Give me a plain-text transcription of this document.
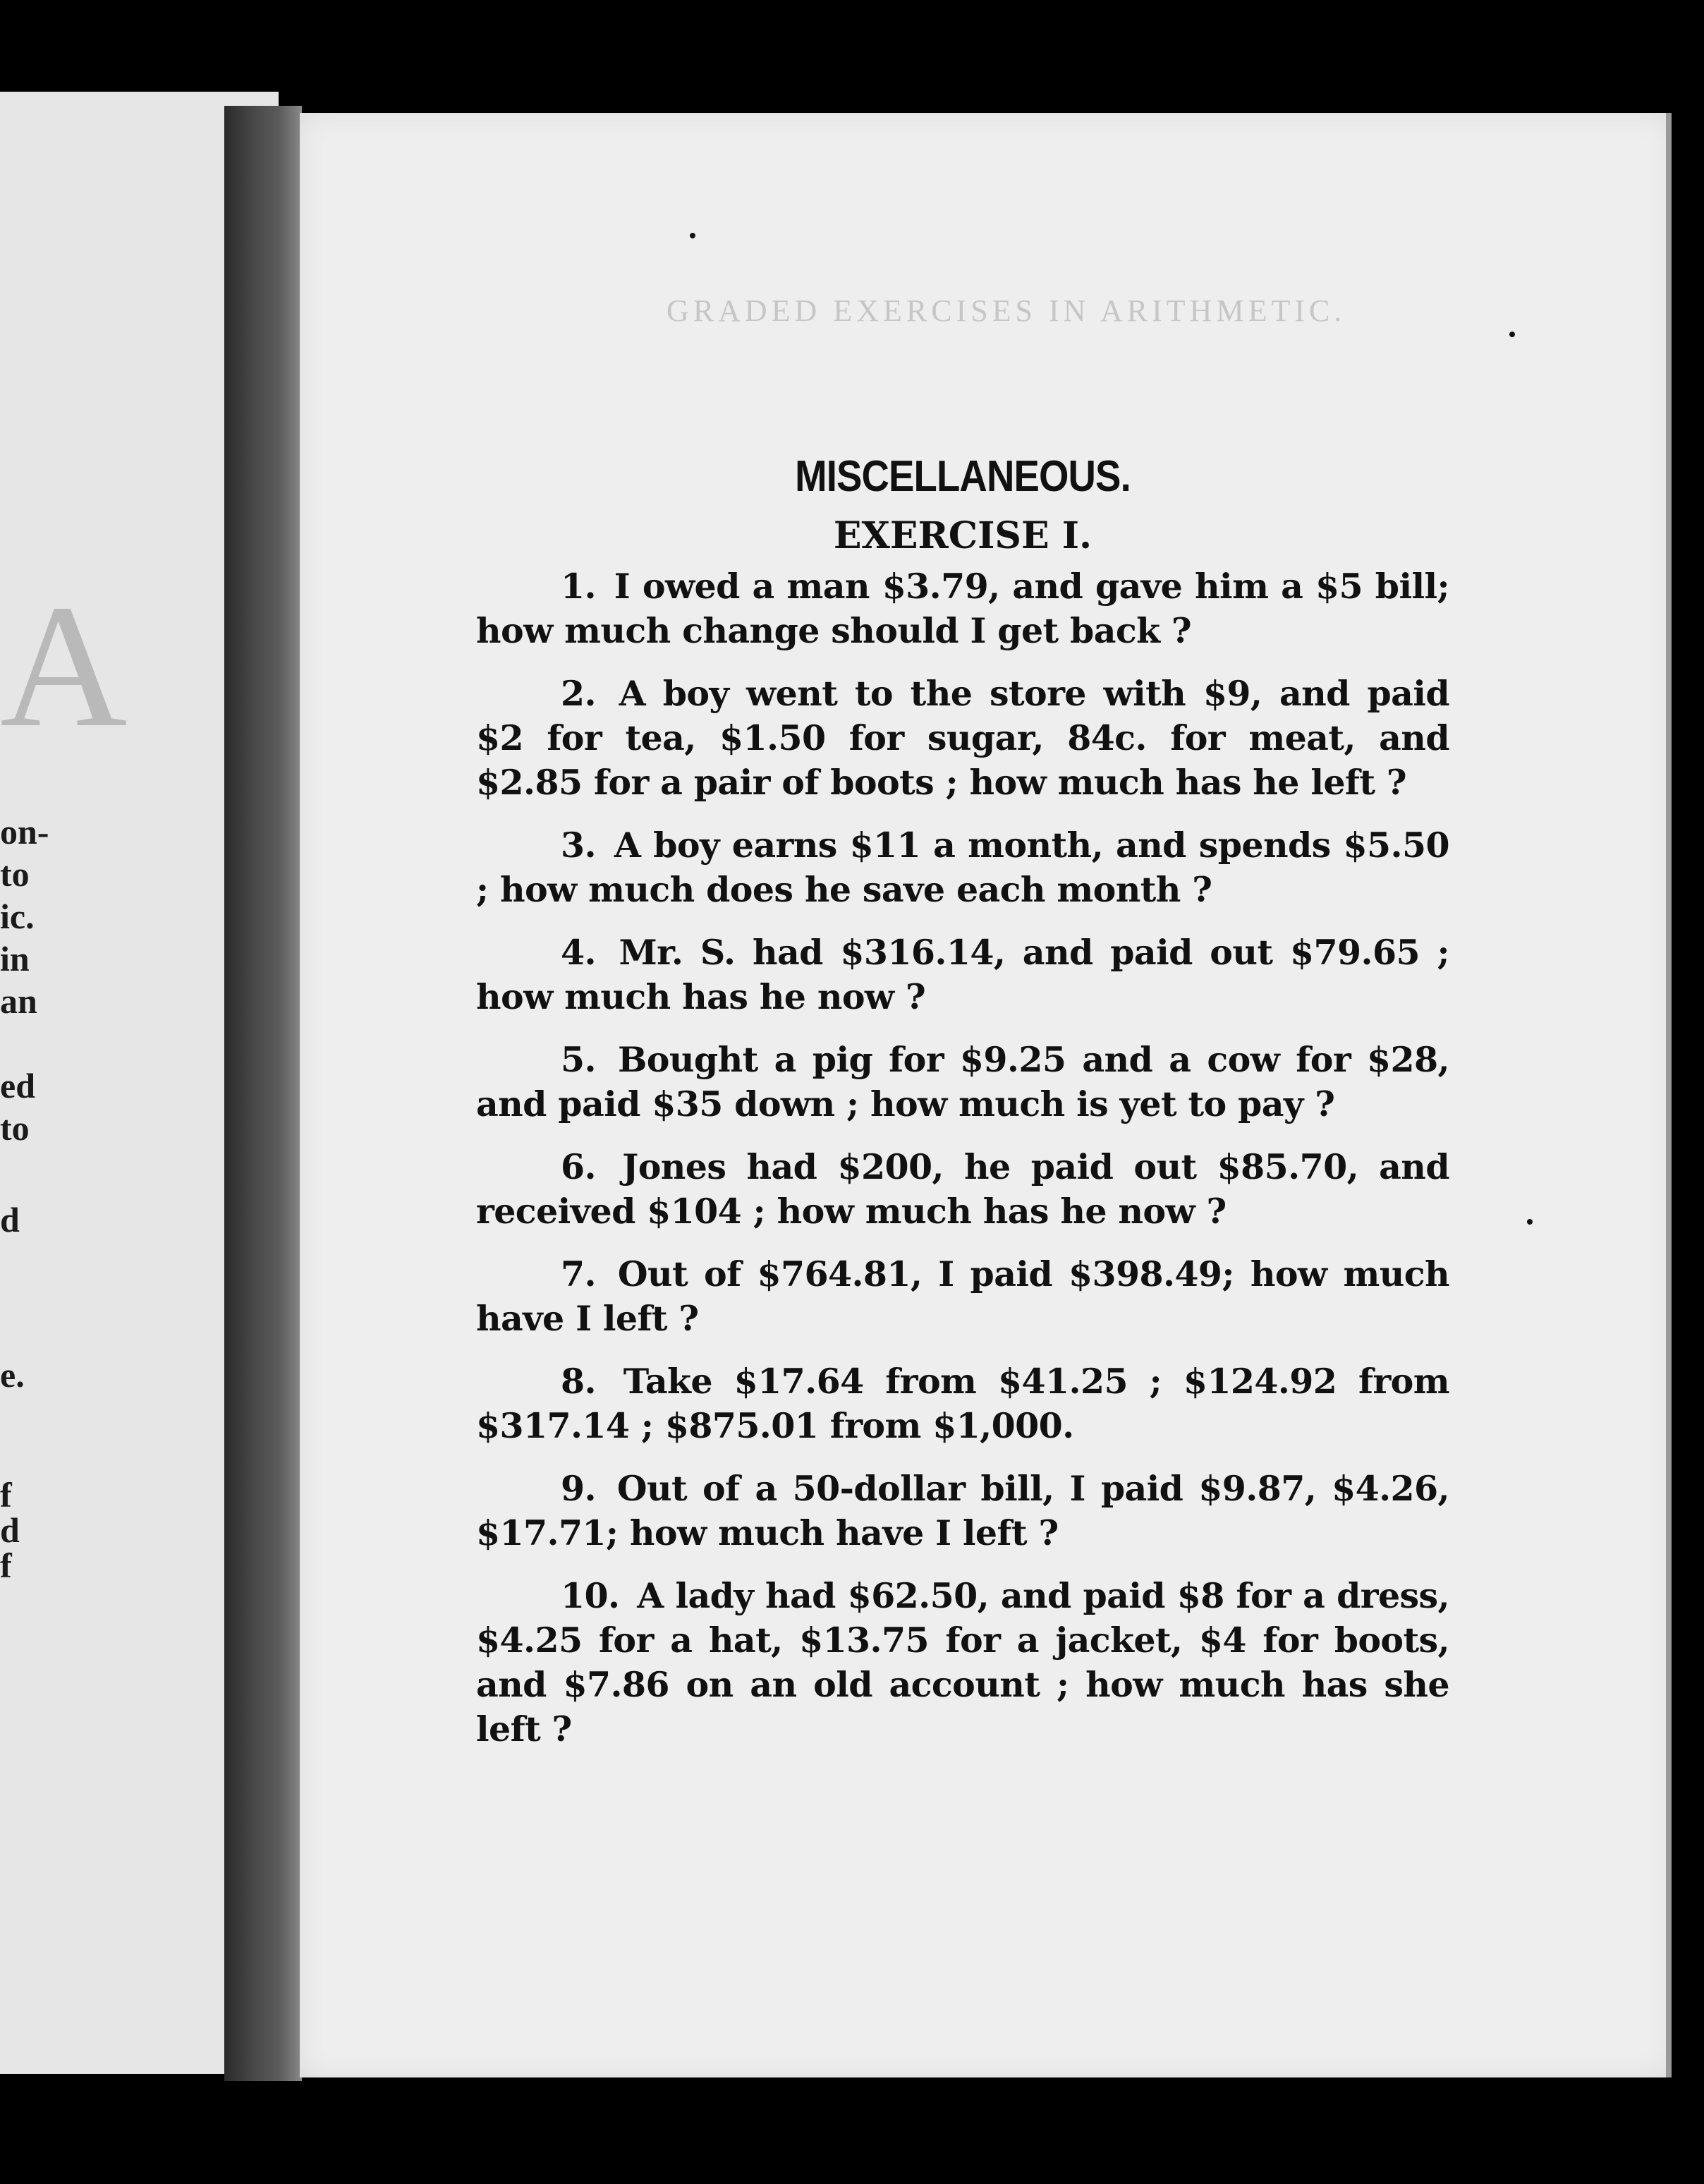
A
on-
to
ic.
in
an
ed
to
d
e.
f
d
f
GRADED EXERCISES IN ARITHMETIC.
MISCELLANEOUS.
EXERCISE I.

1. I owed a man $3.79, and gave him a $5 bill; how much change should I get back ?

2. A boy went to the store with $9, and paid $2 for tea, $1.50 for sugar, 84c. for meat, and $2.85 for a pair of boots ; how much has he left ?

3. A boy earns $11 a month, and spends $5.50 ; how much does he save each month ?

4. Mr. S. had $316.14, and paid out $79.65 ; how much has he now ?

5. Bought a pig for $9.25 and a cow for $28, and paid $35 down ; how much is yet to pay ?

6. Jones had $200, he paid out $85.70, and received $104 ; how much has he now ?

7. Out of $764.81, I paid $398.49; how much have I left ?

8. Take $17.64 from $41.25 ; $124.92 from $317.14 ; $875.01 from $1,000.

9. Out of a 50-dollar bill, I paid $9.87, $4.26, $17.71; how much have I left ?

10. A lady had $62.50, and paid $8 for a dress, $4.25 for a hat, $13.75 for a jacket, $4 for boots, and $7.86 on an old account ; how much has she left ?
